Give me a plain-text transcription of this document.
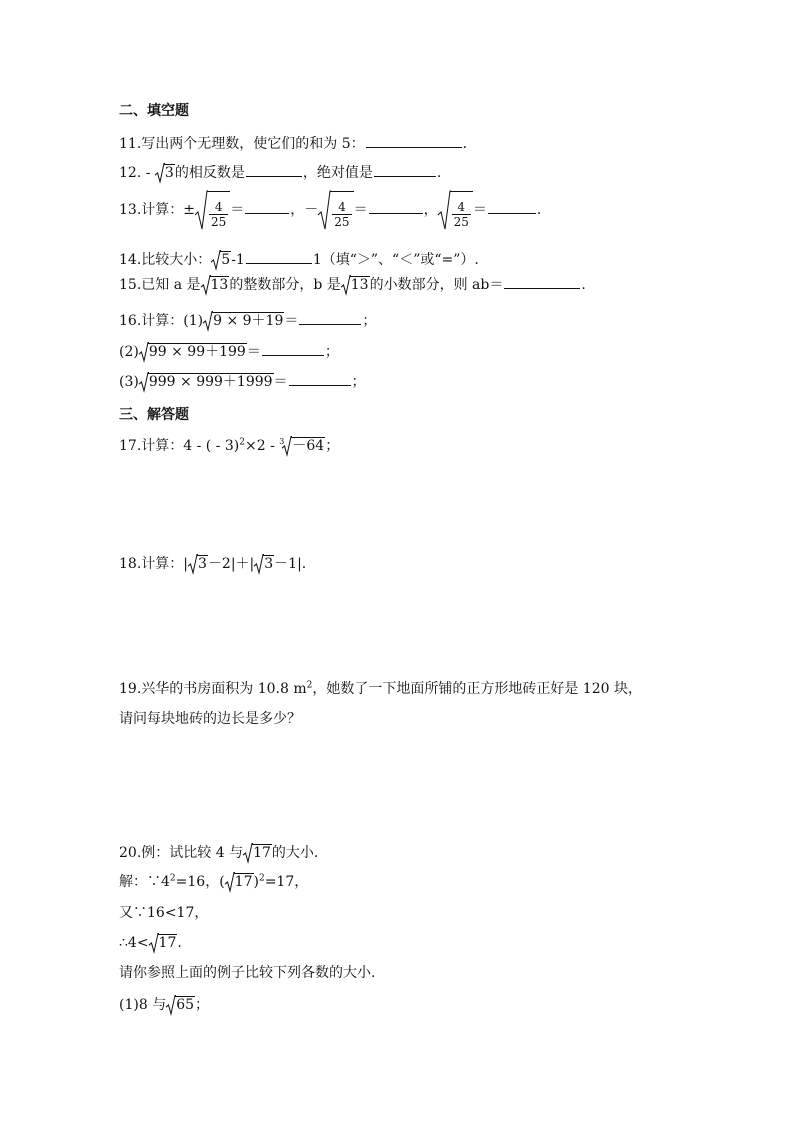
二、填空题
11.写出两个无理数，使它们的和为 5：	.
12. -
3的相反数是	，绝对值是	.
13.计算：± $\frac{4}{25}$ ＝	，－ $\frac{4}{25}$ ＝	， $\frac{4}{25}$ ＝	.
14.比较大小： 5-1	1（填“＞”、“＜”或“=”）.
15.已知 a 是 13的整数部分，b 是 13的小数部分，则 ab＝	.
16.计算：(1) 9 × 9＋19＝	；
(2) 99 × 99＋199＝	；
(3) 999 × 999＋1999＝	；
三、解答题
17.计算：4 - ( - 3)$^2$×2 - $^3$ －64；
18.计算：| 3－2|＋| 3－1|.
19.兴华的书房面积为 10.8 $m^2$，她数了一下地面所铺的正方形地砖正好是 120 块，
请问每块地砖的边长是多少？
20.例：试比较 4 与 17的大小.
解：$\because 4^2=16$，( 17)$^2$=17，
又∵16<17，
∴4< 17.
请你参照上面的例子比较下列各数的大小.
(1)8 与 65；
